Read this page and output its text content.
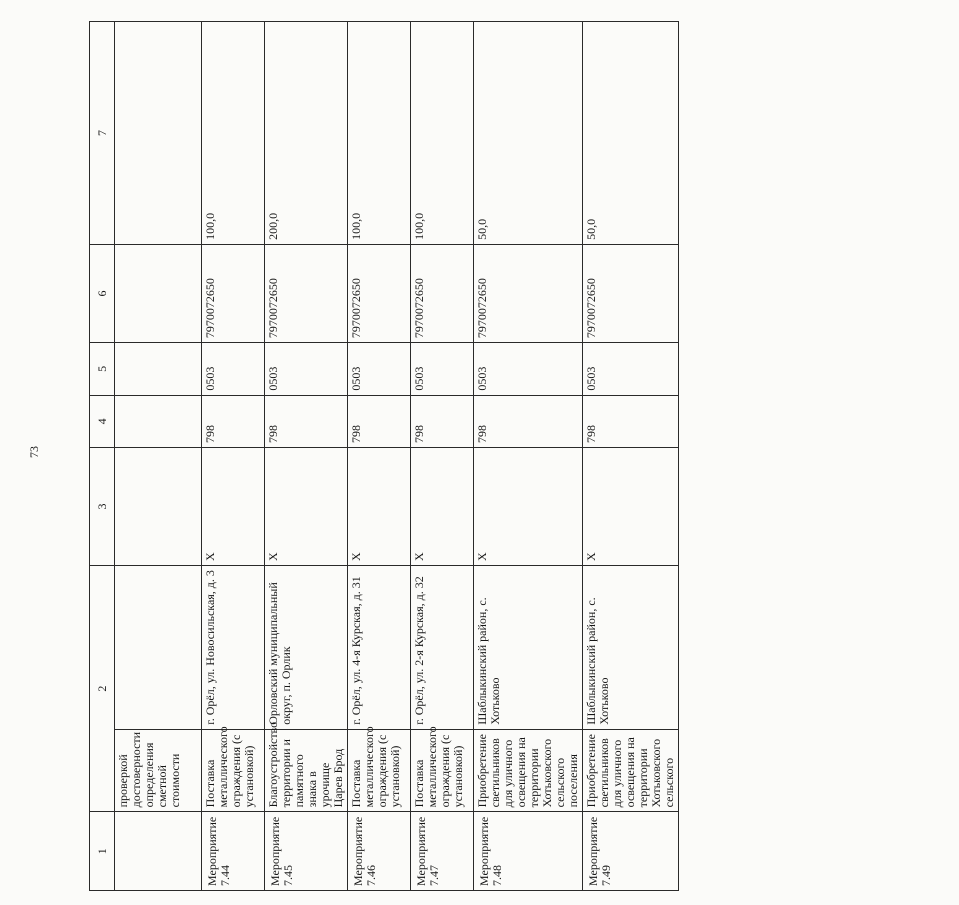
73
1	2		3	4	5	6	7
	проверкой достоверности определения сметной стоимости						
Мероприятие 7.44	Поставка металлического ограждения (с установкой)	г. Орёл, ул. Новосильская, д. 3	Х	798	0503	7970072650	100,0
Мероприятие 7.45	Благоустройство территории и памятного знака в урочище Царев Брод	Орловский муниципальный округ, п. Орлик	Х	798	0503	7970072650	200,0
Мероприятие 7.46	Поставка металлического ограждения (с установкой)	г. Орёл, ул. 4-я Курская, д. 31	Х	798	0503	7970072650	100,0
Мероприятие 7.47	Поставка металлического ограждения (с установкой)	г. Орёл, ул. 2-я Курская, д. 32	Х	798	0503	7970072650	100,0
Мероприятие 7.48	Приобретение светильников для уличного освещения на территории Хотьковского сельского поселения	Шаблыкинский район, с. Хотьково	Х	798	0503	7970072650	50,0
Мероприятие 7.49	Приобретение светильников для уличного освещения на территории Хотьковского сельского	Шаблыкинский район, с. Хотьково	Х	798	0503	7970072650	50,0
